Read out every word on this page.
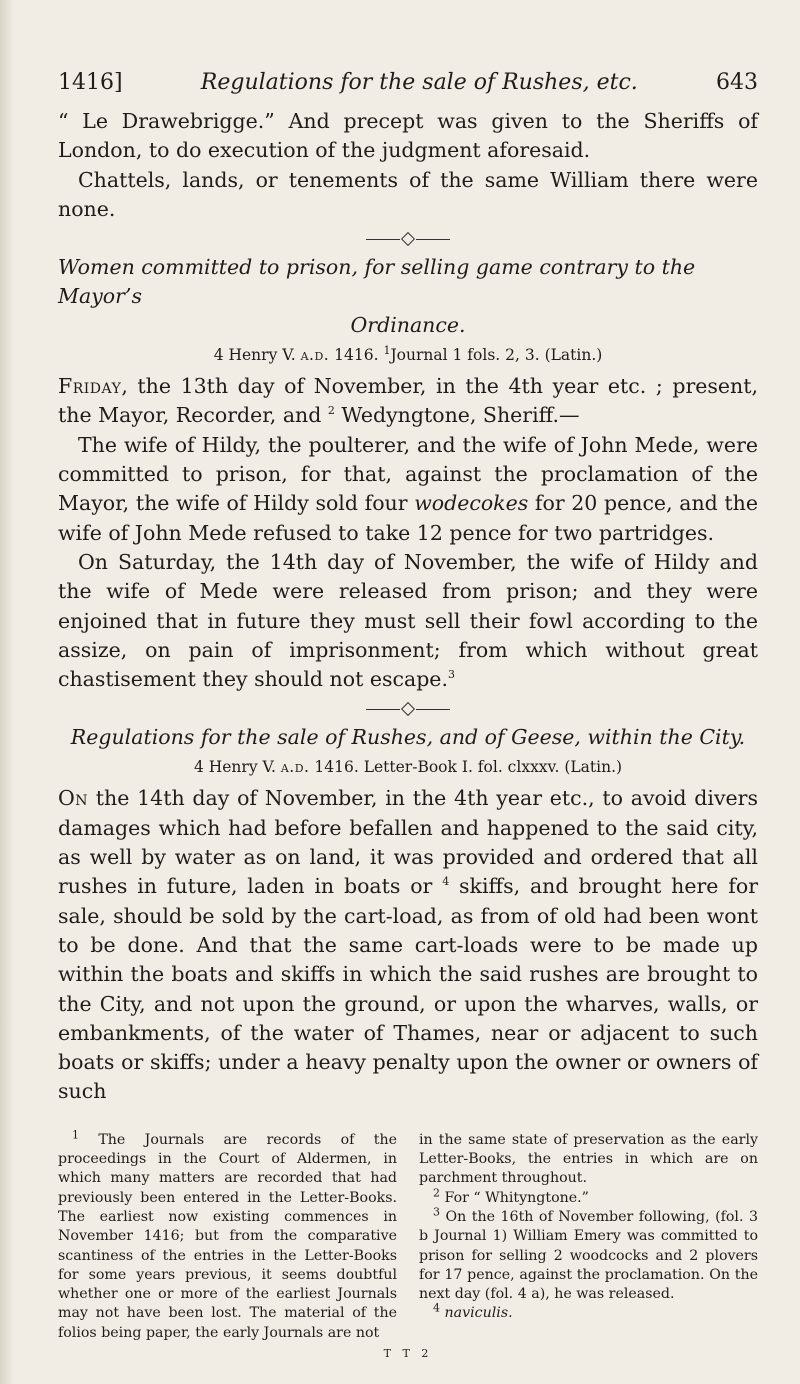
1416]	Regulations for the sale of Rushes, etc.	643

“ Le Drawebrigge.” And precept was given to the Sheriffs of London, to do execution of the judgment aforesaid.

Chattels, lands, or tenements of the same William there were none.

Women committed to prison, for selling game contrary to the Mayor’s
Ordinance.
4 Henry V. a.d. 1416. $^1$Journal 1 fols. 2, 3. (Latin.)

Friday, the 13th day of November, in the 4th year etc. ; present, the Mayor, Recorder, and $^2$ Wedyngtone, Sheriff.—

The wife of Hildy, the poulterer, and the wife of John Mede, were committed to prison, for that, against the proclamation of the Mayor, the wife of Hildy sold four wodecokes for 20 pence, and the wife of John Mede refused to take 12 pence for two partridges.

On Saturday, the 14th day of November, the wife of Hildy and the wife of Mede were released from prison; and they were enjoined that in future they must sell their fowl according to the assize, on pain of imprisonment; from which without great chastisement they should not escape.$^3$

Regulations for the sale of Rushes, and of Geese, within the City.
4 Henry V. a.d. 1416. Letter-Book I. fol. clxxxv. (Latin.)

On the 14th day of November, in the 4th year etc., to avoid divers damages which had before befallen and happened to the said city, as well by water as on land, it was provided and ordered that all rushes in future, laden in boats or $^4$ skiffs, and brought here for sale, should be sold by the cart-load, as from of old had been wont to be done. And that the same cart-loads were to be made up within the boats and skiffs in which the said rushes are brought to the City, and not upon the ground, or upon the wharves, walls, or embankments, of the water of Thames, near or adjacent to such boats or skiffs; under a heavy penalty upon the owner or owners of such

$^1$ The Journals are records of the proceedings in the Court of Aldermen, in which many matters are recorded that had previously been entered in the Letter-Books. The earliest now existing commences in November 1416; but from the comparative scantiness of the entries in the Letter-Books for some years previous, it seems doubtful whether one or more of the earliest Journals may not have been lost. The material of the folios being paper, the early Journals are not

in the same state of preservation as the early Letter-Books, the entries in which are on parchment throughout.

$^2$ For “ Whityngtone.”

$^3$ On the 16th of November following, (fol. 3 b Journal 1) William Emery was committed to prison for selling 2 woodcocks and 2 plovers for 17 pence, against the proclamation. On the next day (fol. 4 a), he was released.

$^4$ naviculis.

T T 2
